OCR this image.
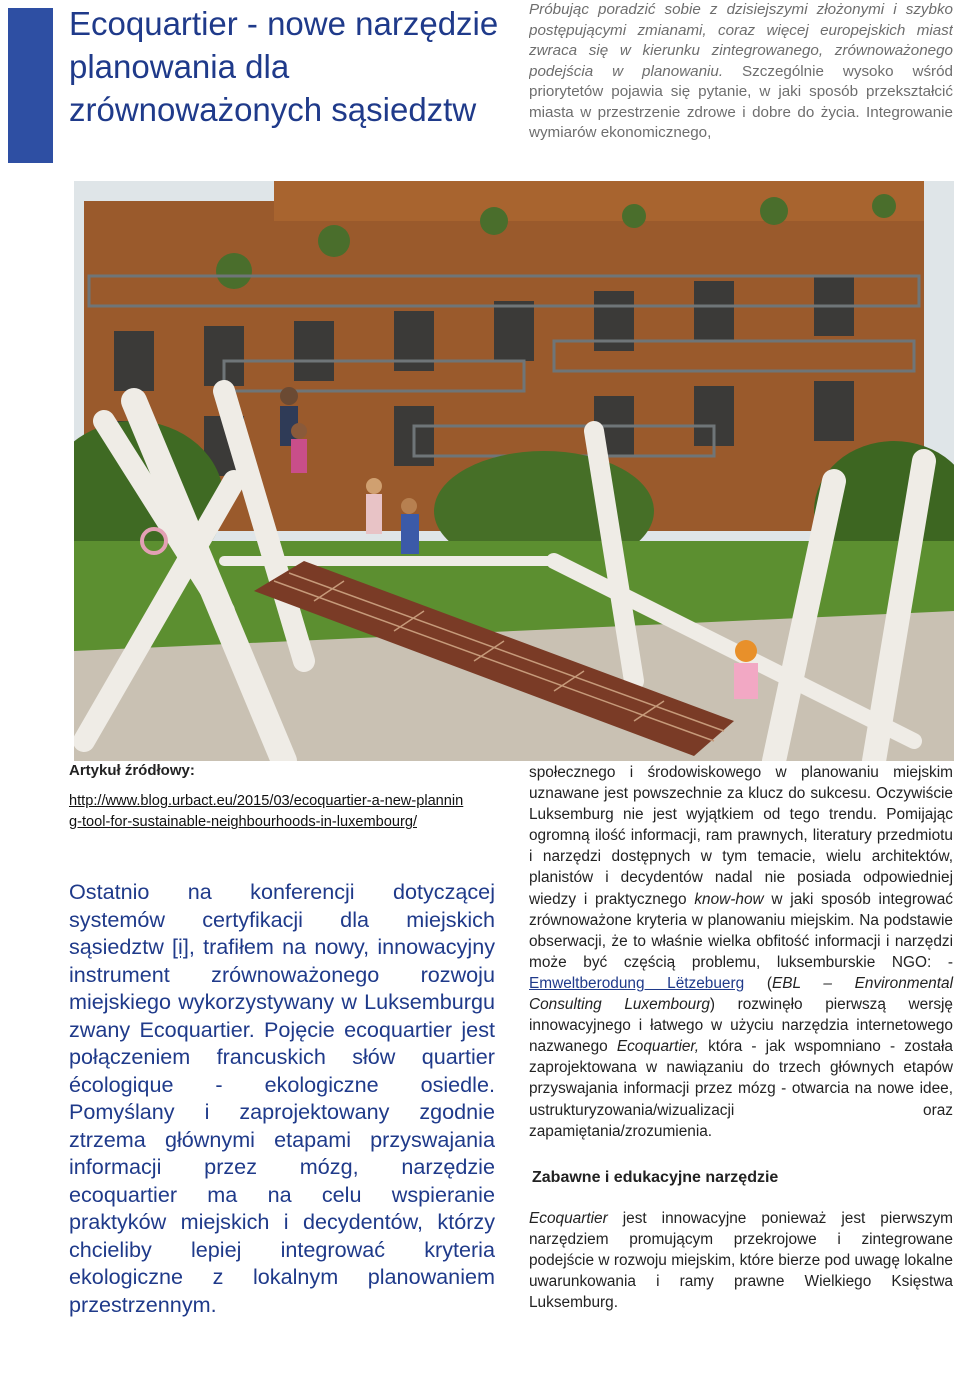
Ecoquartier - nowe narzędzie planowania dla zrównoważonych sąsiedztw

Próbując poradzić sobie z dzisiejszymi złożonymi i szybko postępującymi zmianami, coraz więcej europejskich miast zwraca się w kierunku zintegrowanego, zrównoważonego podejścia w planowaniu. Szczególnie wysoko wśród priorytetów pojawia się pytanie, w jaki sposób przekształcić miasta w przestrzenie zdrowe i dobre do życia. Integrowanie wymiarów ekonomicznego,

Artykuł źródłowy:
http://www.blog.urbact.eu/2015/03/ecoquartier-a-new-planning-tool-for-sustainable-neighbourhoods-in-luxembourg/

Ostatnio na konferencji dotyczącej systemów certyfikacji dla miejskich sąsiedztw [i], trafiłem na nowy, innowacyjny instrument zrównoważonego rozwoju miejskiego wykorzystywany w Luksemburgu zwany Ecoquartier. Pojęcie ecoquartier jest połączeniem francuskich słów quartier écologique - ekologiczne osiedle. Pomyślany i zaprojektowany zgodnie ztrzema głównymi etapami przyswajania informacji przez mózg, narzędzie ecoquartier ma na celu wspieranie praktyków miejskich i decydentów, którzy chcieliby lepiej integrować kryteria ekologiczne z lokalnym planowaniem przestrzennym.

społecznego i środowiskowego w planowaniu miejskim uznawane jest powszechnie za klucz do sukcesu. Oczywiście Luksemburg nie jest wyjątkiem od tego trendu. Pomijając ogromną ilość informacji, ram prawnych, literatury przedmiotu i narzędzi dostępnych w tym temacie, wielu architektów, planistów i decydentów nadal nie posiada odpowiedniej wiedzy i praktycznego know-how w jaki sposób integrować zrównoważone kryteria w planowaniu miejskim. Na podstawie obserwacji, że to właśnie wielka obfitość informacji i narzędzi może być częścią problemu, luksemburskie NGO: - Emweltberodung Lëtzebuerg (EBL – Environmental Consulting Luxembourg) rozwinęło pierwszą wersję innowacyjnego i łatwego w użyciu narzędzia internetowego nazwanego Ecoquartier, która - jak wspomniano - została zaprojektowana w nawiązaniu do trzech głównych etapów przyswajania informacji przez mózg - otwarcia na nowe idee, ustrukturyzowania/wizualizacji oraz zapamiętania/zrozumienia.

Zabawne i edukacyjne narzędzie

Ecoquartier jest innowacyjne ponieważ jest pierwszym narzędziem promującym przekrojowe i zintegrowane podejście w rozwoju miejskim, które bierze pod uwagę lokalne uwarunkowania i ramy prawne Wielkiego Księstwa Luksemburg.
